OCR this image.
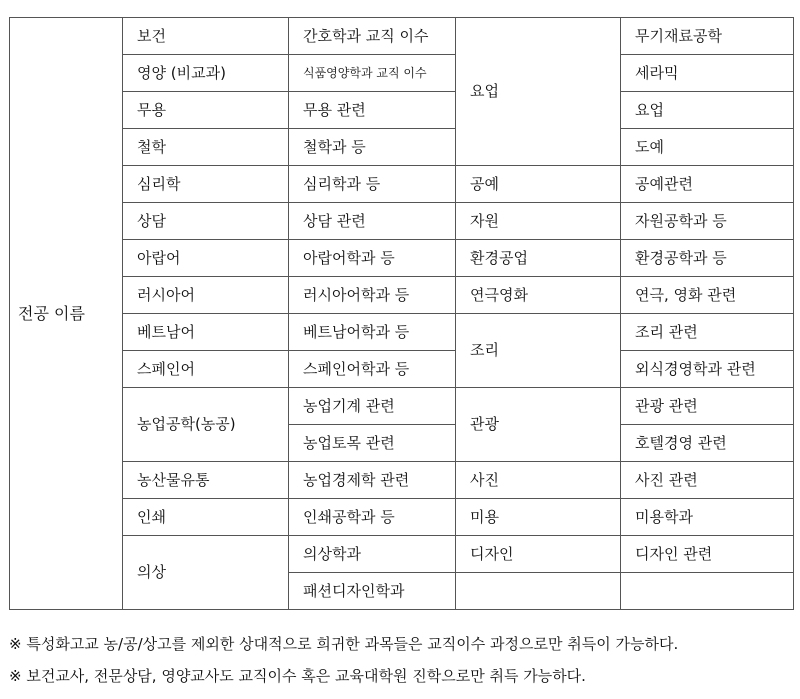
전공 이름	보건	간호학과 교직 이수	요업	무기재료공학
	영양 (비교과)	식품영양학과 교직 이수		세라믹
	무용	무용 관련		요업
	철학	철학과 등		도예
	심리학	심리학과 등	공예	공예관련
	상담	상담 관련	자원	자원공학과 등
	아랍어	아랍어학과 등	환경공업	환경공학과 등
	러시아어	러시아어학과 등	연극영화	연극, 영화 관련
	베트남어	베트남어학과 등	조리	조리 관련
	스페인어	스페인어학과 등		외식경영학과 관련
	농업공학(농공)	농업기계 관련	관광	관광 관련
		농업토목 관련		호텔경영 관련
	농산물유통	농업경제학 관련	사진	사진 관련
	인쇄	인쇄공학과 등	미용	미용학과
	의상	의상학과	디자인	디자인 관련
		패션디자인학과		
※ 특성화고교 농/공/상고를 제외한 상대적으로 희귀한 과목들은 교직이수 과정으로만 취득이 가능하다.
※ 보건교사, 전문상담, 영양교사도 교직이수 혹은 교육대학원 진학으로만 취득 가능하다.
